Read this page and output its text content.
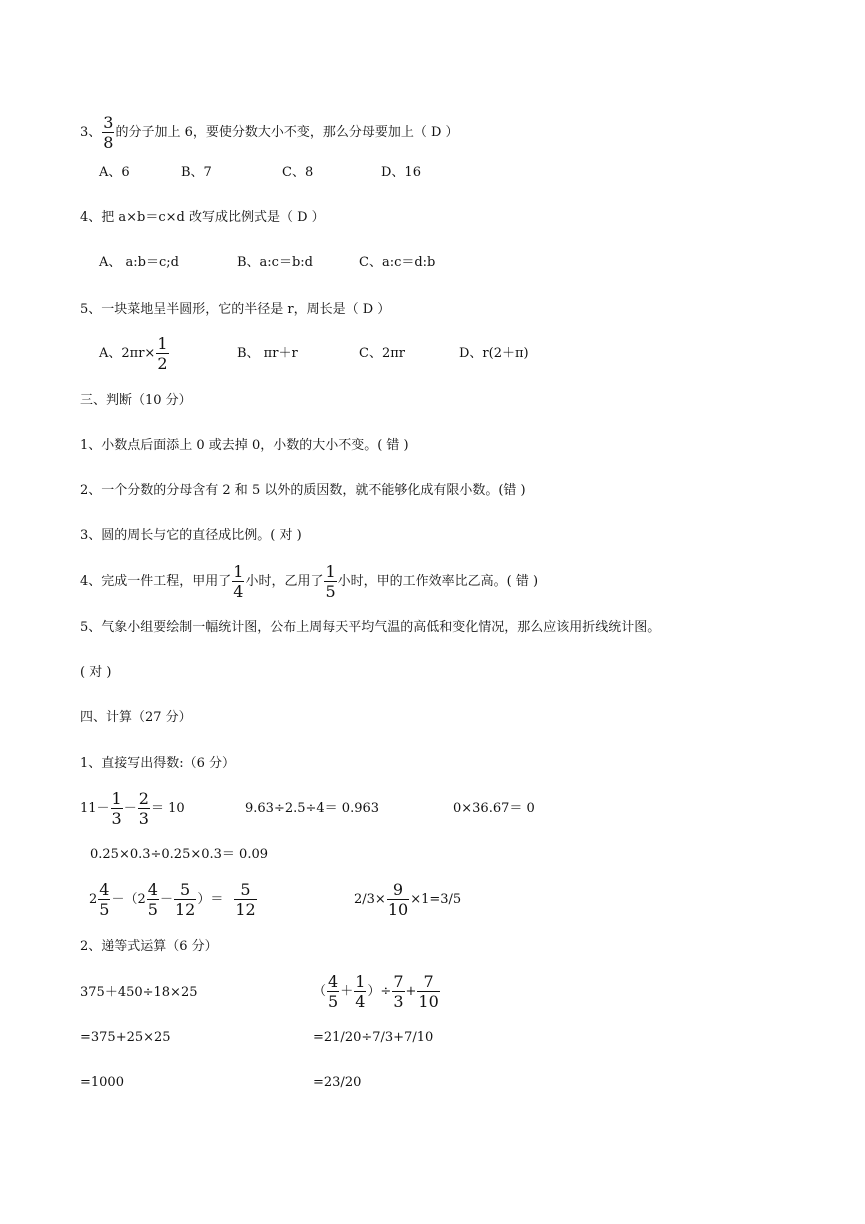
3、 $\frac{3}{8}$ 的分子加上 6，要使分数大小不变，那么分母要加上（ D ）
A、6	B、7	C、8	D、16
4、把 a×b＝c×d 改写成比例式是（ D ）
A、 a:b＝c;d	B、a:c＝b:d	C、a:c＝d:b
5、一块菜地呈半圆形，它的半径是 r，周长是（ D ）
A、$2\pi r\times \frac{1}{2}$	B、 πr＋r	C、2πr	D、r(2＋π)
三、判断（10 分）
1、小数点后面添上 0 或去掉 0，小数的大小不变。( 错 )
2、一个分数的分母含有 2 和 5 以外的质因数，就不能够化成有限小数。(错 )
3、圆的周长与它的直径成比例。( 对 )
4、完成一件工程，甲用了 $\frac{1}{4}$ 小时，乙用了 $\frac{1}{5}$ 小时，甲的工作效率比乙高。( 错 )
5、气象小组要绘制一幅统计图，公布上周每天平均气温的高低和变化情况，那么应该用折线统计图。
( 对 )
四、计算（27 分）
1、直接写出得数:（6 分）
$11- \frac{1}{3} - \frac{2}{3} = 10$	9.63÷2.5÷4＝ 0.963	0×36.67＝ 0
0.25×0.3÷0.25×0.3＝ 0.09
$2 \frac{4}{5} -(2 \frac{4}{5} - \frac{5}{12}$ ）＝ $\frac{5}{12}$	$2/3\times \frac{9}{10} \times 1=3/5$
2、递等式运算（6 分）
375＋450÷18×25
=375+25×25
=1000
（ $\frac{4}{5} + \frac{1}{4}$ ）÷ $\frac{7}{3} + \frac{7}{10}$
=21/20÷7/3+7/10
=23/20
